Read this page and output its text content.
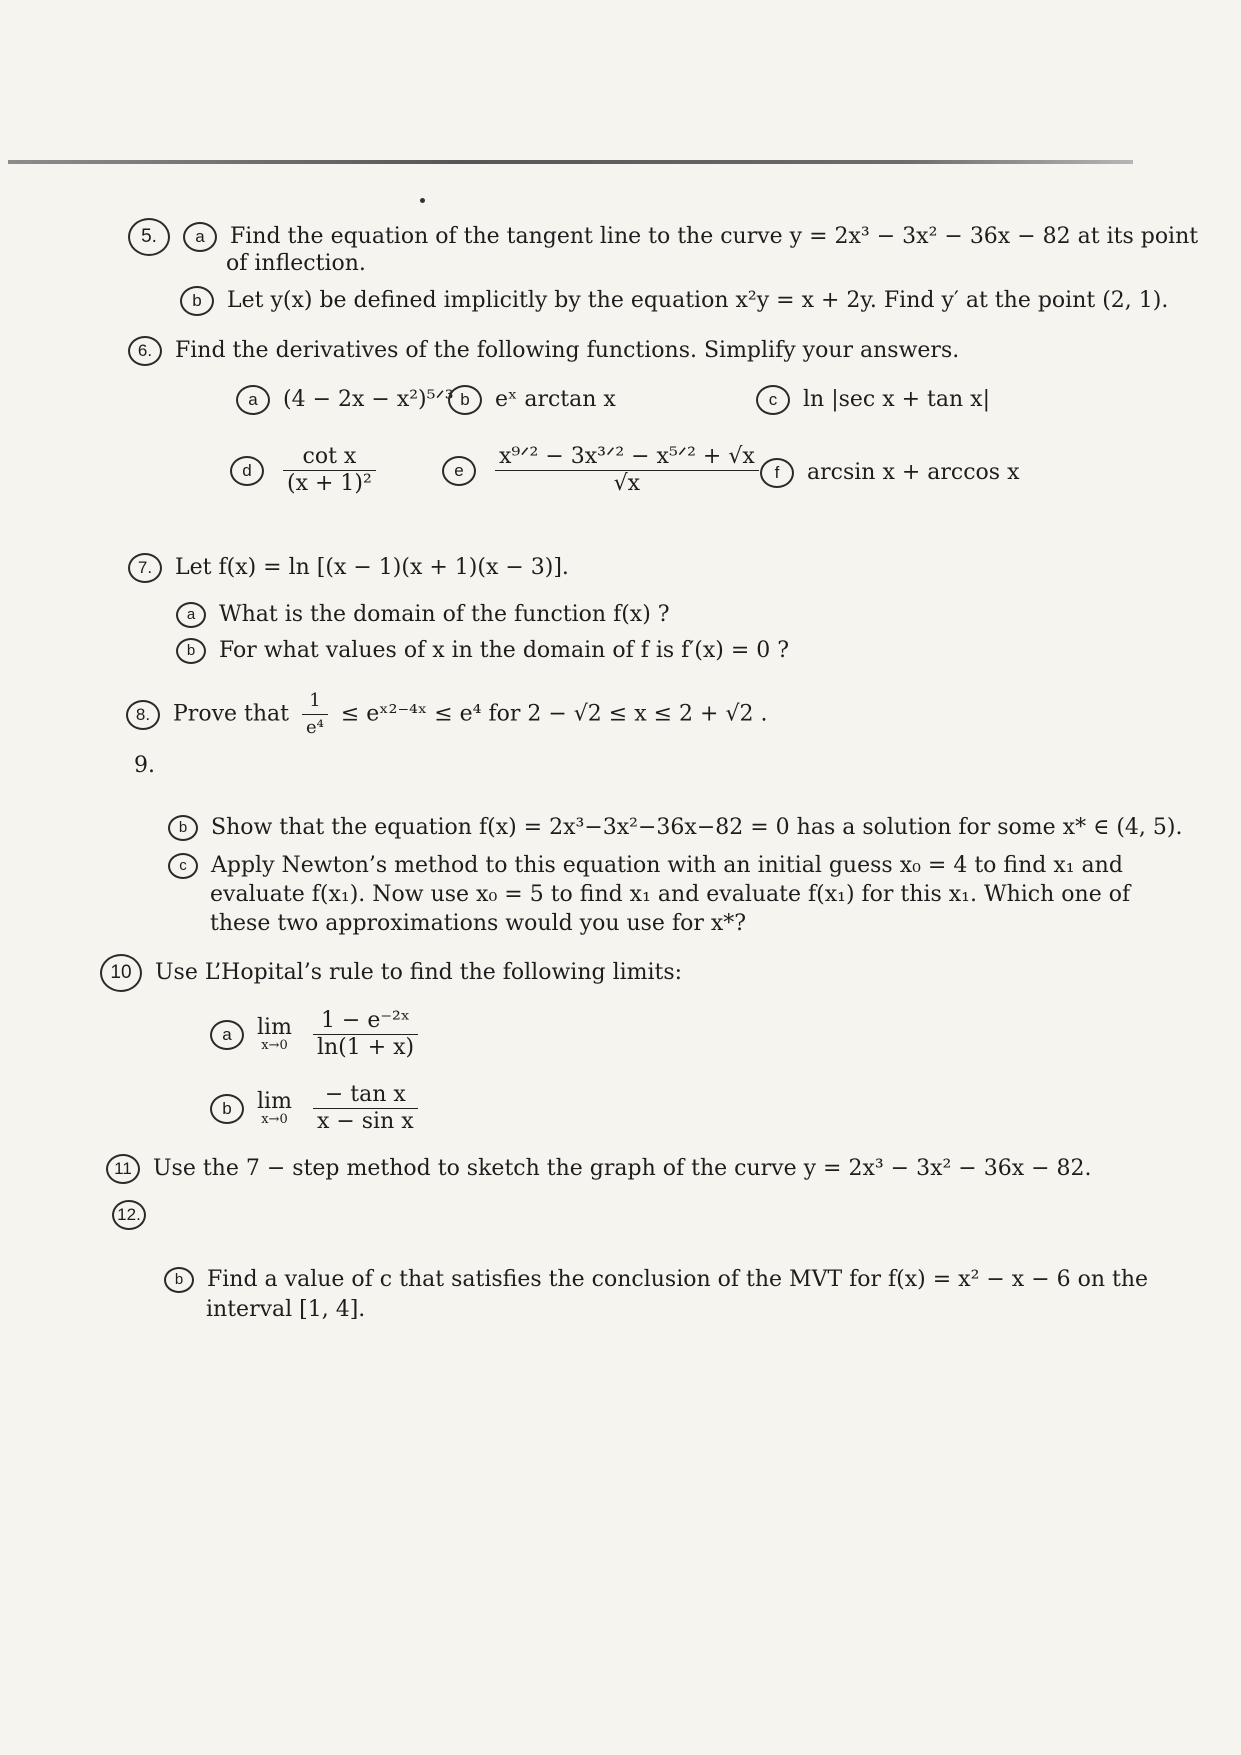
5. a Find the equation of the tangent line to the curve y = 2x³ − 3x² − 36x − 82 at its point
of inflection.
b Let y(x) be defined implicitly by the equation x²y = x + 2y. Find y′ at the point (2, 1).
6. Find the derivatives of the following functions. Simplify your answers.
a (4 − 2x − x²)⁵ᐟ³ b eˣ arctan x	c ln |sec x + tan x|
d $\frac{\text{cot x}}{\text{(x + 1)²}}$	e $\frac{\text{x⁹ᐟ² − 3x³ᐟ² − x⁵ᐟ² + √x}}{√x}$ f arcsin x + arccos x
7. Let f(x) = ln [(x − 1)(x + 1)(x − 3)].
a What is the domain of the function f(x) ?
b For what values of x in the domain of f is f′(x) = 0 ?
8. Prove that $\frac{1}{\text{e⁴}}$ ≤ eˣ²⁻⁴ˣ ≤ e⁴ for 2 − √2 ≤ x ≤ 2 + √2 .
9.
b Show that the equation f(x) = 2x³−3x²−36x−82 = 0 has a solution for some x* ∈ (4, 5).
c Apply Newton’s method to this equation with an initial guess x₀ = 4 to find x₁ and
evaluate f(x₁). Now use x₀ = 5 to find x₁ and evaluate f(x₁) for this x₁. Which one of
these two approximations would you use for x*?
10 Use L’Hopital’s rule to find the following limits:
a lim
x→0
$\frac{\text{1 − e⁻²ˣ}}{\ln(1 + x)}$
b lim
x→0
$\frac{\text{− tan x}}{\text{x − sin x}}$
11 Use the 7 − step method to sketch the graph of the curve y = 2x³ − 3x² − 36x − 82.
12.
b Find a value of c that satisfies the conclusion of the MVT for f(x) = x² − x − 6 on the
interval [1, 4].
